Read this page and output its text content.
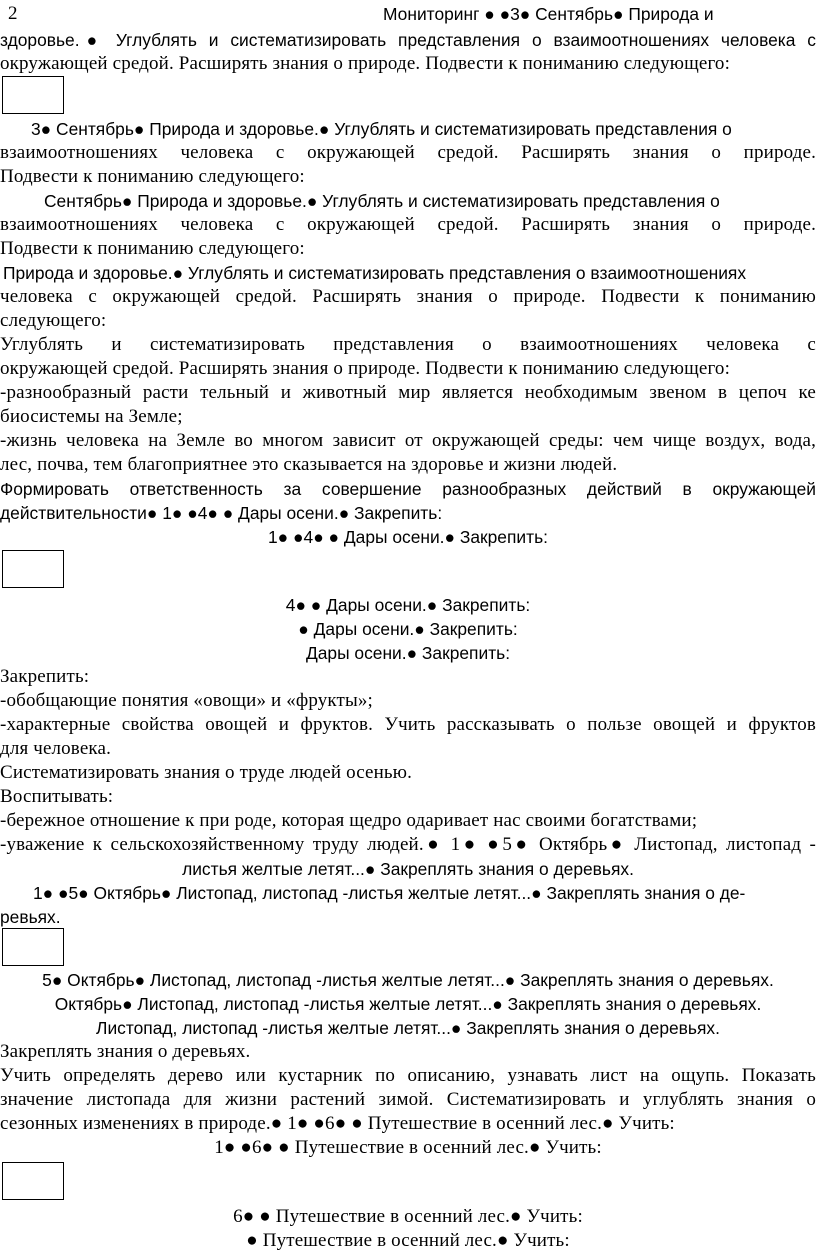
2	Мониторинг ● ●3● Сентябрь● Природа и
здоровье.● Углублять и систематизировать представления о взаимоотношениях человека с
окружающей средой. Расширять знания о природе. Подвести к пониманию следующего:
3● Сентябрь● Природа и здоровье.● Углублять и систематизировать представления о
взаимоотношениях человека с окружающей средой. Расширять знания о природе.
Подвести к пониманию следующего:
Сентябрь● Природа и здоровье.● Углублять и систематизировать представления о
взаимоотношениях человека с окружающей средой. Расширять знания о природе.
Подвести к пониманию следующего:
Природа и здоровье.● Углублять и систематизировать представления о взаимоотношениях
человека с окружающей средой. Расширять знания о природе. Подвести к пониманию
следующего:
Углублять и систематизировать представления о взаимоотношениях человека с
окружающей средой. Расширять знания о природе. Подвести к пониманию следующего:
-разнообразный расти тельный и животный мир является необходимым звеном в цепоч ке
биосистемы на Земле;
-жизнь человека на Земле во многом зависит от окружающей среды: чем чище воздух, вода,
лес, почва, тем благоприятнее это сказывается на здоровье и жизни людей.
Формировать ответственность за совершение разнообразных действий в окружающей
действительности● 1● ●4● ● Дары осени.● Закрепить:
1● ●4● ● Дары осени.● Закрепить:
4● ● Дары осени.● Закрепить:
● Дары осени.● Закрепить:
Дары осени.● Закрепить:
Закрепить:
-обобщающие понятия «овощи» и «фрукты»;
-характерные свойства овощей и фруктов. Учить рассказывать о пользе овощей и фруктов
для человека.
Систематизировать знания о труде людей осенью.
Воспитывать:
-бережное отношение к при роде, которая щедро одаривает нас своими богатствами;
-уважение к сельскохозяйственному труду людей.● 1● ●5● Октябрь● Листопад, листопад -
листья желтые летят...● Закреплять знания о деревьях.
1● ●5● Октябрь● Листопад, листопад -листья желтые летят...● Закреплять знания о де-
ревьях.
5● Октябрь● Листопад, листопад -листья желтые летят...● Закреплять знания о деревьях.
Октябрь● Листопад, листопад -листья желтые летят...● Закреплять знания о деревьях.
Листопад, листопад -листья желтые летят...● Закреплять знания о деревьях.
Закреплять знания о деревьях.
Учить определять дерево или кустарник по описанию, узнавать лист на ощупь. Показать
значение листопада для жизни растений зимой. Систематизировать и углублять знания о
сезонных изменениях в природе.● 1● ●6● ● Путешествие в осенний лес.● Учить:
1● ●6● ● Путешествие в осенний лес.● Учить:
6● ● Путешествие в осенний лес.● Учить:
● Путешествие в осенний лес.● Учить:
